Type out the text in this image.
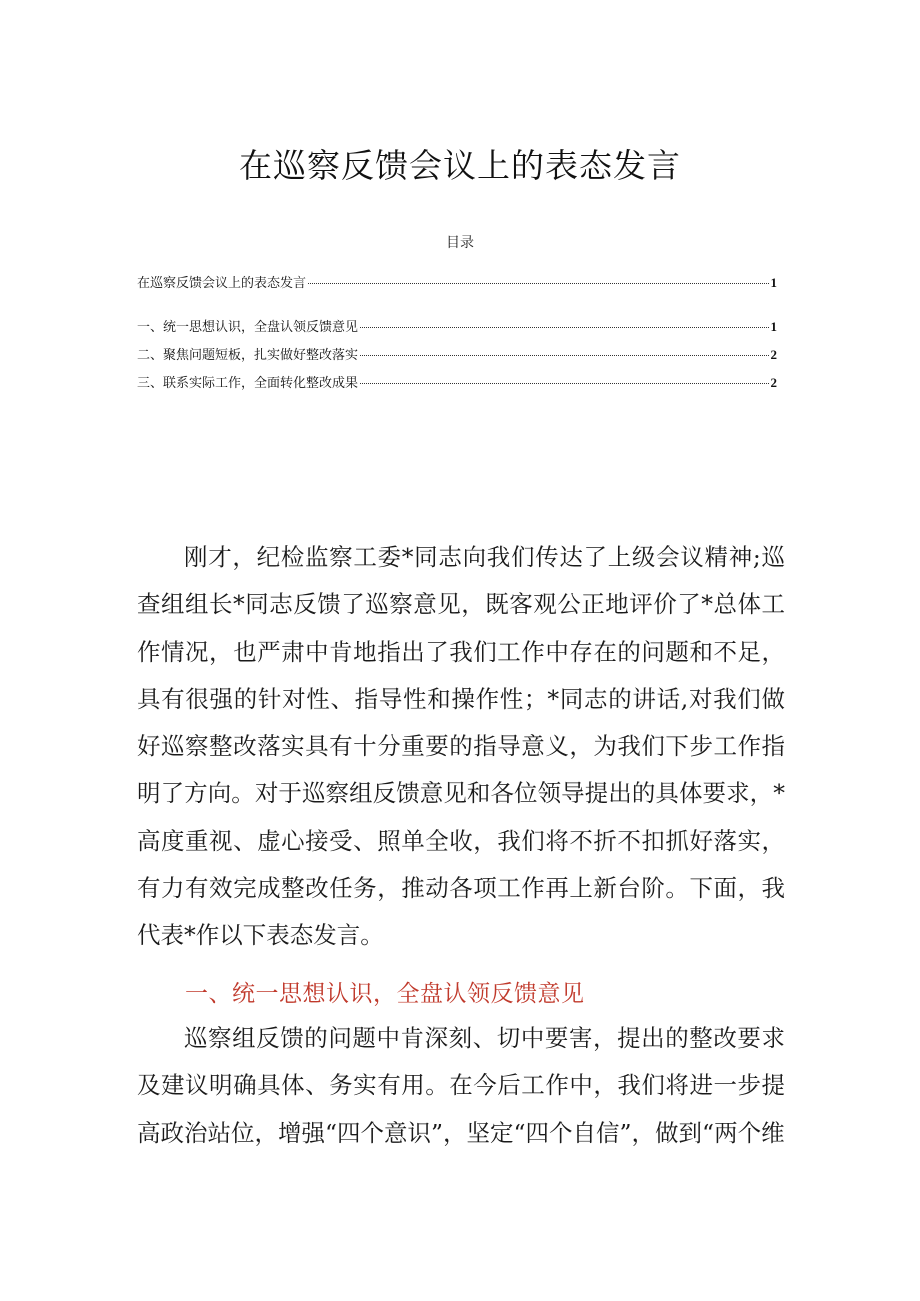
在巡察反馈会议上的表态发言
目录
在巡察反馈会议上的表态发言	1
一、统一思想认识，全盘认领反馈意见	1
二、聚焦问题短板，扎实做好整改落实	2
三、联系实际工作，全面转化整改成果	2

刚才，纪检监察工委*同志向我们传达了上级会议精神;巡查组组长*同志反馈了巡察意见，既客观公正地评价了*总体工作情况，也严肃中肯地指出了我们工作中存在的问题和不足，具有很强的针对性、指导性和操作性；*同志的讲话,对我们做好巡察整改落实具有十分重要的指导意义，为我们下步工作指明了方向。对于巡察组反馈意见和各位领导提出的具体要求，*高度重视、虚心接受、照单全收，我们将不折不扣抓好落实，有力有效完成整改任务，推动各项工作再上新台阶。下面，我代表*作以下表态发言。

一、统一思想认识，全盘认领反馈意见

巡察组反馈的问题中肯深刻、切中要害，提出的整改要求及建议明确具体、务实有用。在今后工作中，我们将进一步提高政治站位，增强“四个意识”，坚定“四个自信”，做到“两个维
